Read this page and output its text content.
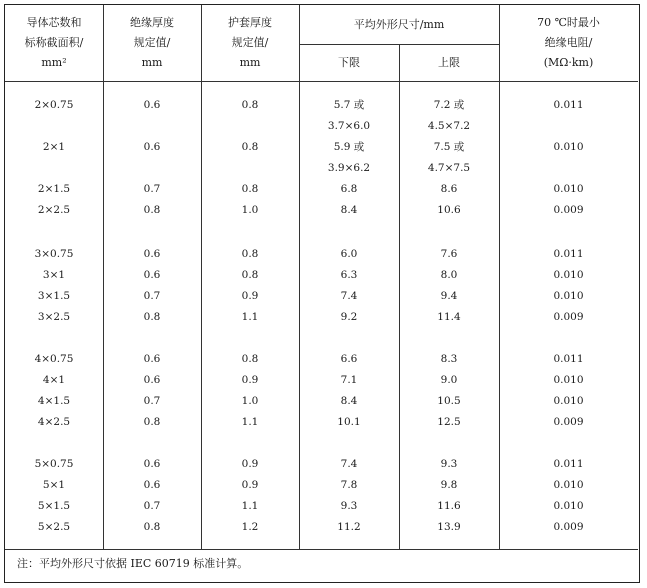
导体芯数和
标称截面积/
mm²
绝缘厚度
规定值/
mm
护套厚度
规定值/
mm
平均外形尺寸/mm
下限	上限
70 ℃时最小
绝缘电阻/
(MΩ·km)
2×0.75	0.6	0.8	5.7 或	7.2 或	0.011
3.7×6.0	4.5×7.2
2×1	0.6	0.8	5.9 或	7.5 或	0.010
3.9×6.2	4.7×7.5
2×1.5	0.7	0.8	6.8	8.6	0.010
2×2.5	0.8	1.0	8.4	10.6	0.009
3×0.75	0.6	0.8	6.0	7.6	0.011
3×1	0.6	0.8	6.3	8.0	0.010
3×1.5	0.7	0.9	7.4	9.4	0.010
3×2.5	0.8	1.1	9.2	11.4	0.009
4×0.75	0.6	0.8	6.6	8.3	0.011
4×1	0.6	0.9	7.1	9.0	0.010
4×1.5	0.7	1.0	8.4	10.5	0.010
4×2.5	0.8	1.1	10.1	12.5	0.009
5×0.75	0.6	0.9	7.4	9.3	0.011
5×1	0.6	0.9	7.8	9.8	0.010
5×1.5	0.7	1.1	9.3	11.6	0.010
5×2.5	0.8	1.2	11.2	13.9	0.009
注：平均外形尺寸依据 IEC 60719 标准计算。
